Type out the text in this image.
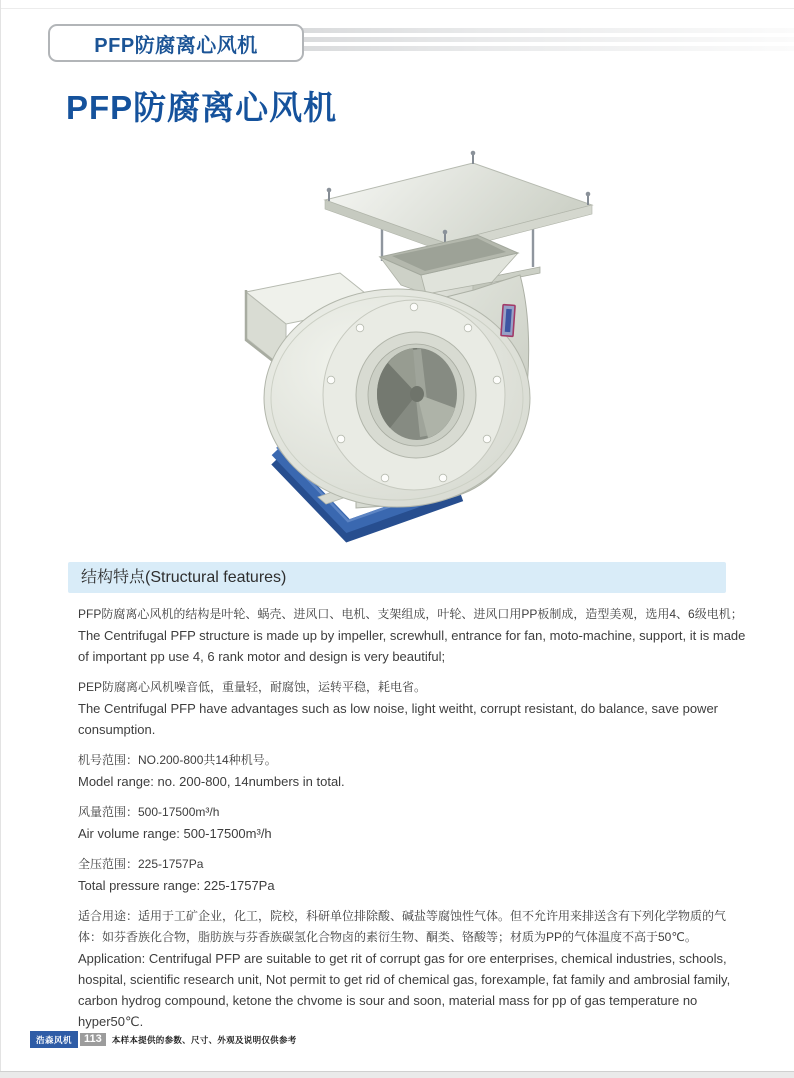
PFP防腐离心风机
PFP防腐离心风机
结构特点(Structural features)
PFP防腐离心风机的结构是叶轮、蜗壳、进风口、电机、支架组成，叶轮、进风口用PP板制成，造型美观，选用4、6级电机；
The Centrifugal PFP structure is made up by impeller, screwhull, entrance for fan, moto-machine, support, it is made of important pp use 4, 6 rank motor and design is very beautiful;
PEP防腐离心风机噪音低，重量轻，耐腐蚀，运转平稳，耗电省。
The Centrifugal PFP have advantages such as low noise, light weitht, corrupt resistant, do balance, save power consumption.
机号范围：NO.200-800共14种机号。
Model range: no. 200-800, 14numbers in total.
风量范围：500-17500m³/h
Air volume range: 500-17500m³/h
全压范围：225-1757Pa
Total pressure range: 225-1757Pa
适合用途：适用于工矿企业，化工，院校，科研单位排除酸、碱盐等腐蚀性气体。但不允许用来排送含有下列化学物质的气体：如芬香族化合物，脂肪族与芬香族碳氢化合物卤的素衍生物、酮类、铬酸等；材质为PP的气体温度不高于50℃。
Application: Centrifugal PFP are suitable to get rit of corrupt gas for ore enterprises, chemical industries, schools, hospital, scientific research unit, Not permit to get rid of chemical gas, forexample, fat family and ambrosial family, carbon hydrog compound, ketone the chvome is sour and soon, material mass for pp of gas temperature no hyper50℃.
浩森风机	113	本样本提供的参数、尺寸、外观及说明仅供参考
